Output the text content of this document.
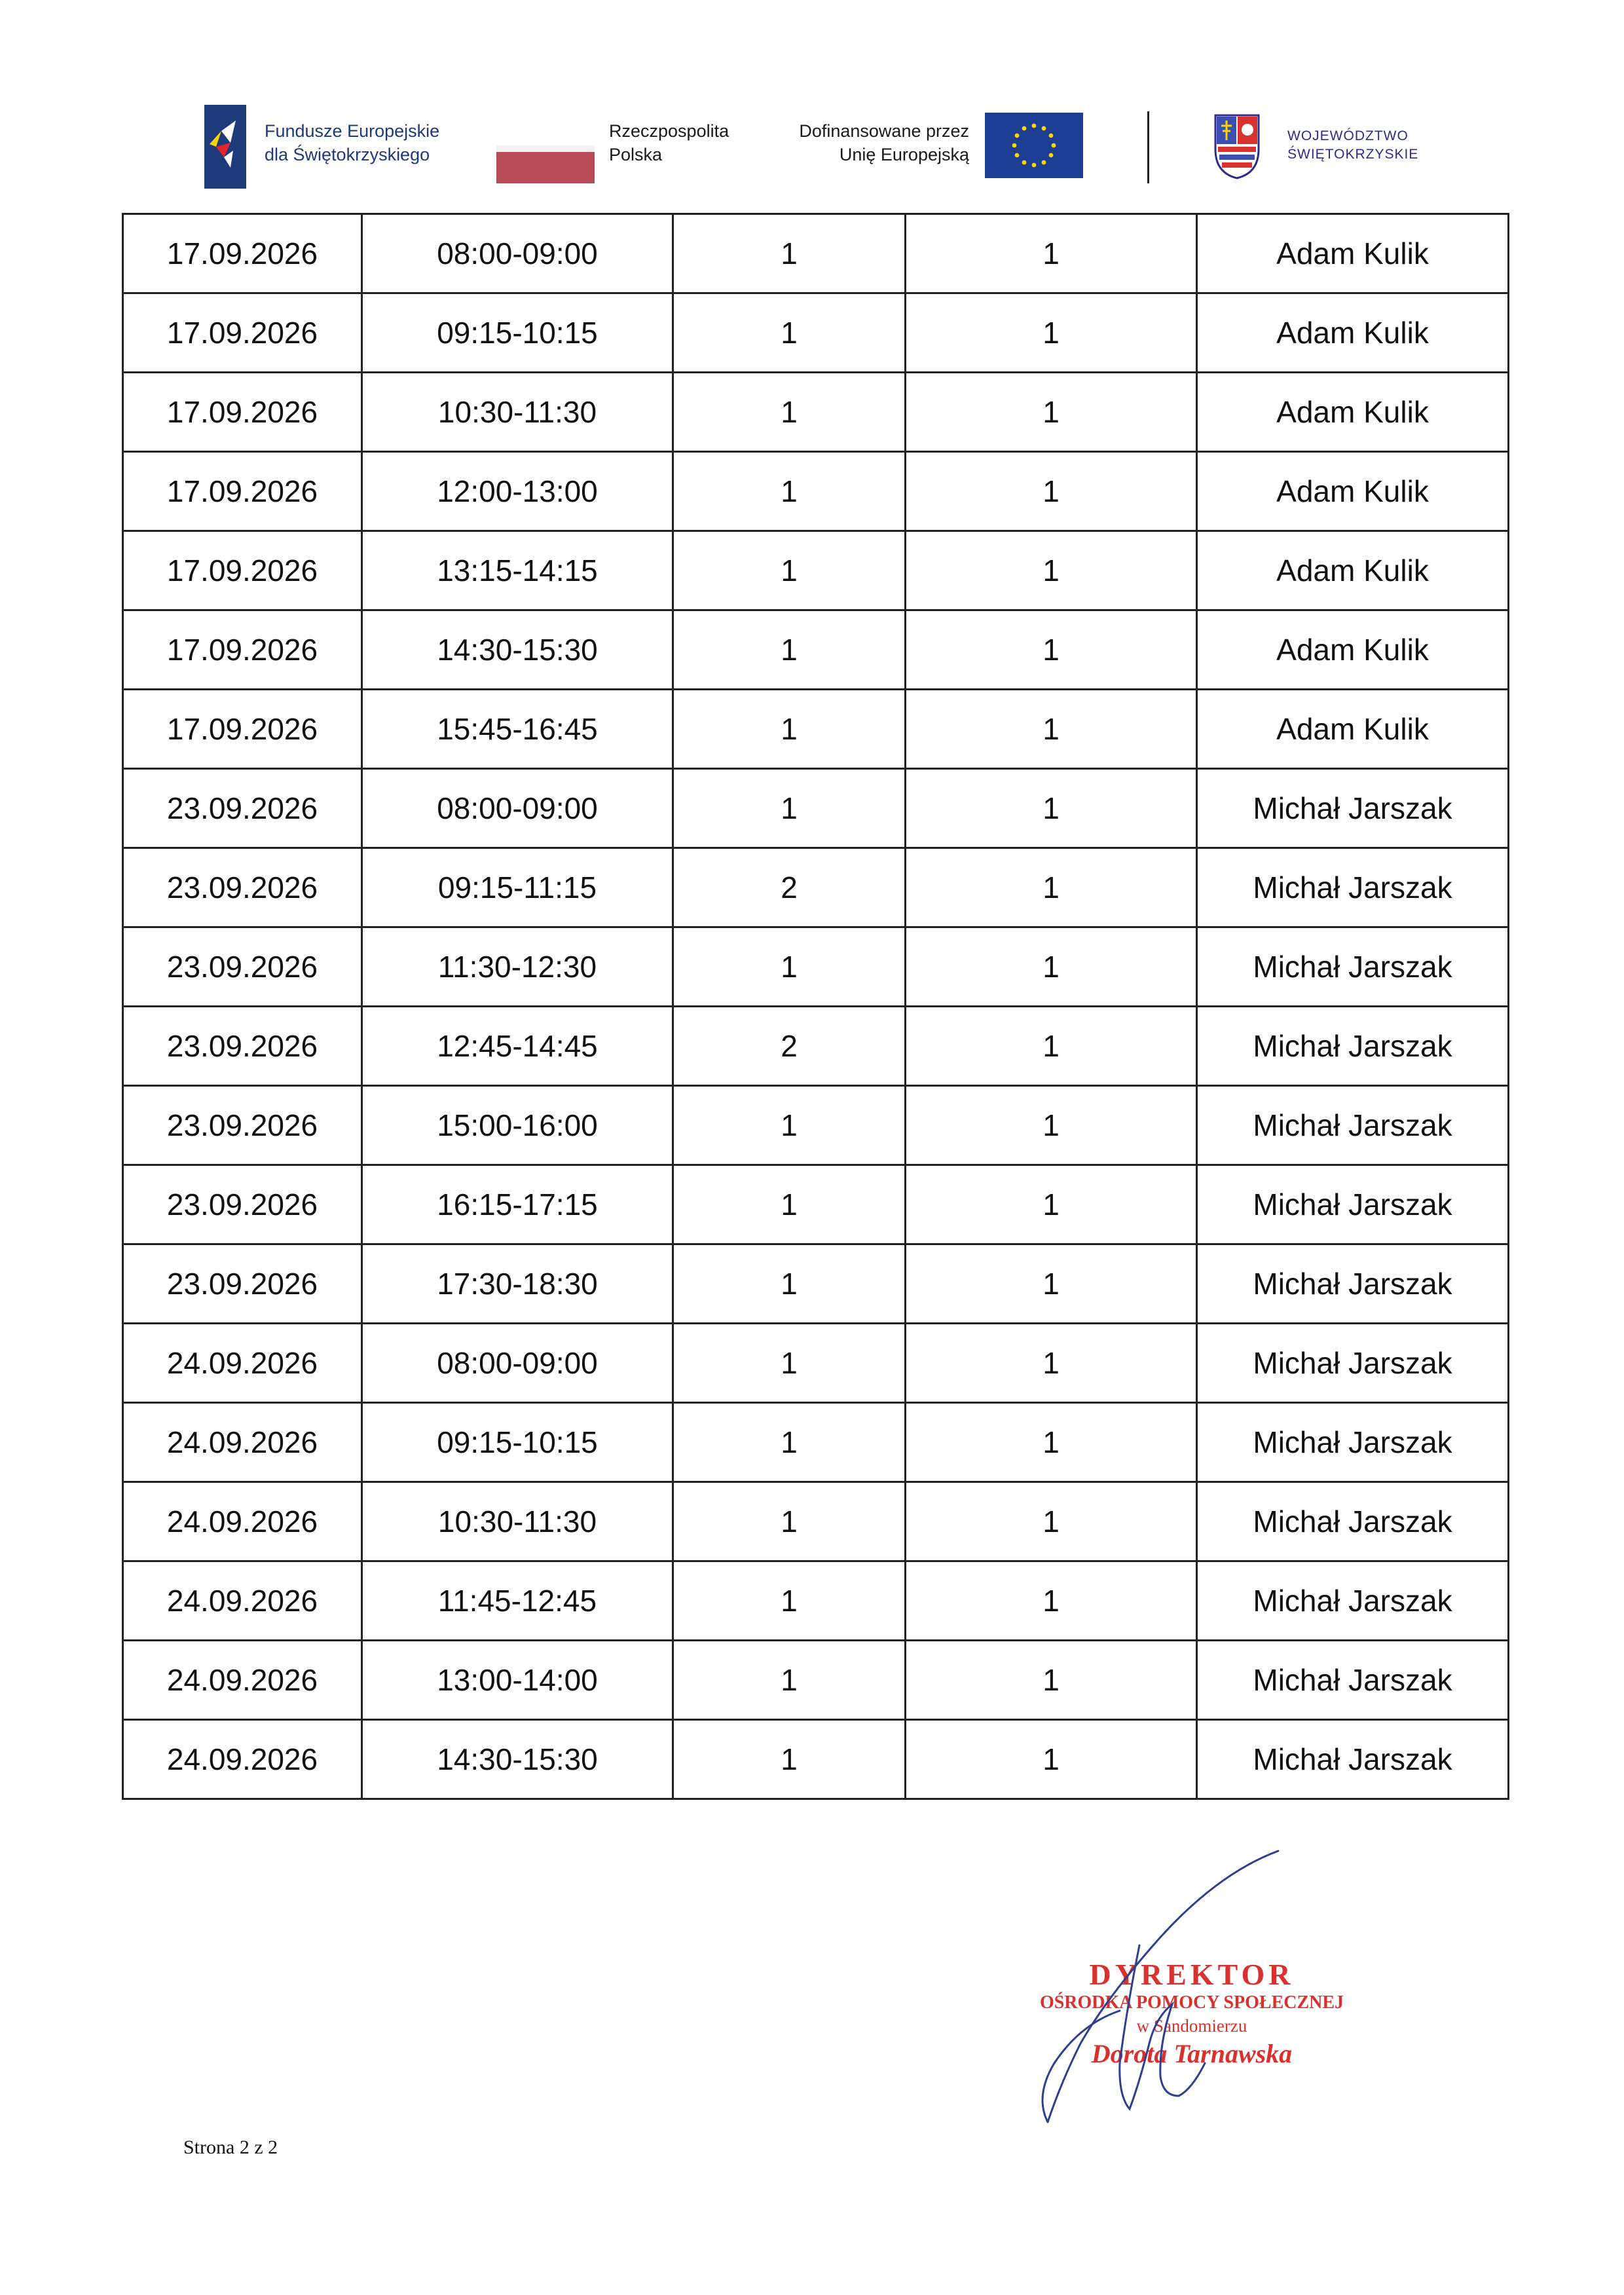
Fundusze Europejskie
dla Świętokrzyskiego
Rzeczpospolita
Polska
Dofinansowane przez
Unię Europejską
WOJEWÓDZTWO
ŚWIĘTOKRZYSKIE
17.09.2026	08:00-09:00	1	1	Adam Kulik
17.09.2026	09:15-10:15	1	1	Adam Kulik
17.09.2026	10:30-11:30	1	1	Adam Kulik
17.09.2026	12:00-13:00	1	1	Adam Kulik
17.09.2026	13:15-14:15	1	1	Adam Kulik
17.09.2026	14:30-15:30	1	1	Adam Kulik
17.09.2026	15:45-16:45	1	1	Adam Kulik
23.09.2026	08:00-09:00	1	1	Michał Jarszak
23.09.2026	09:15-11:15	2	1	Michał Jarszak
23.09.2026	11:30-12:30	1	1	Michał Jarszak
23.09.2026	12:45-14:45	2	1	Michał Jarszak
23.09.2026	15:00-16:00	1	1	Michał Jarszak
23.09.2026	16:15-17:15	1	1	Michał Jarszak
23.09.2026	17:30-18:30	1	1	Michał Jarszak
24.09.2026	08:00-09:00	1	1	Michał Jarszak
24.09.2026	09:15-10:15	1	1	Michał Jarszak
24.09.2026	10:30-11:30	1	1	Michał Jarszak
24.09.2026	11:45-12:45	1	1	Michał Jarszak
24.09.2026	13:00-14:00	1	1	Michał Jarszak
24.09.2026	14:30-15:30	1	1	Michał Jarszak
DYREKTOR
OŚRODKA POMOCY SPOŁECZNEJ
w Sandomierzu
Dorota Tarnawska
Strona 2 z 2
